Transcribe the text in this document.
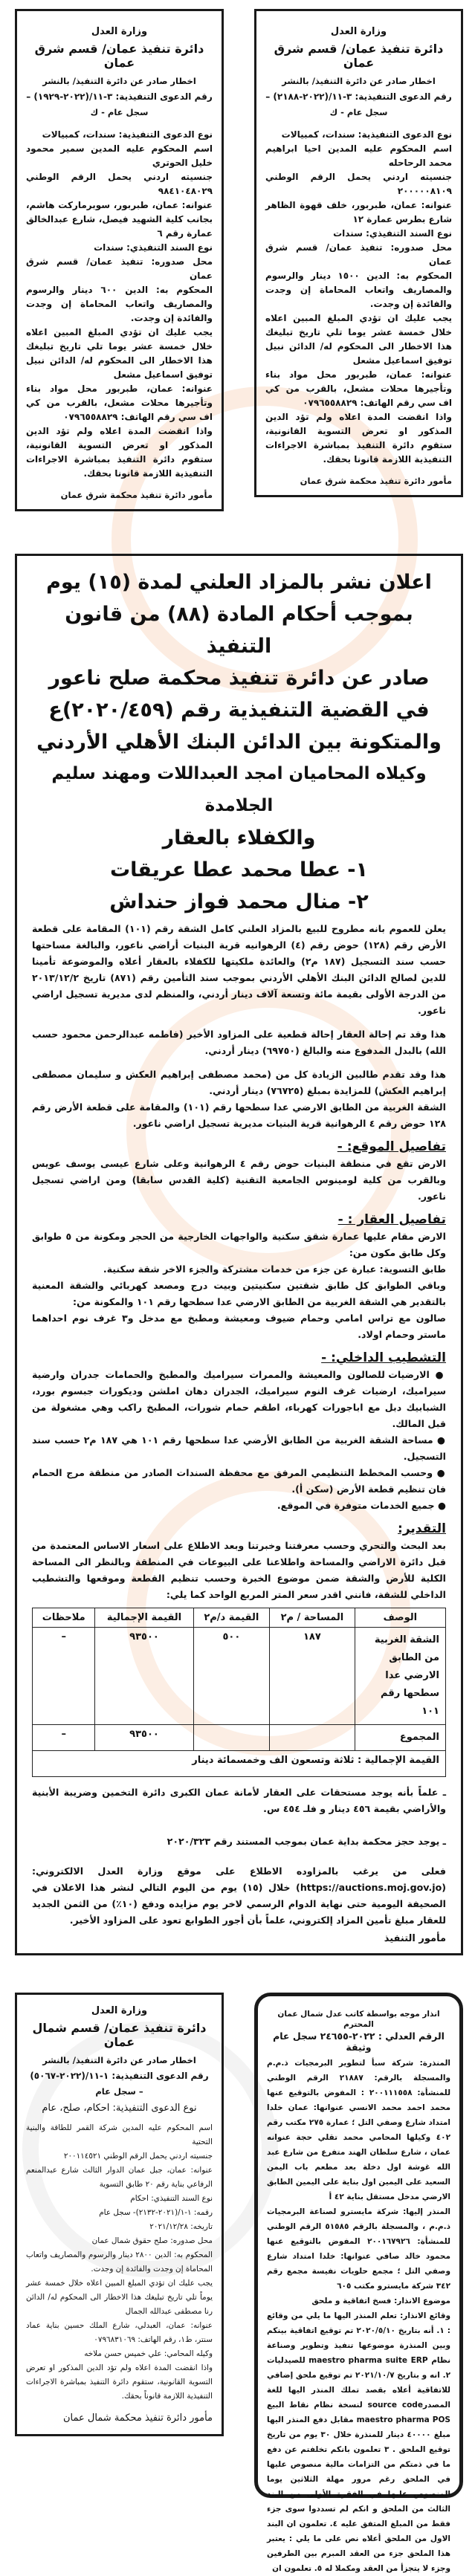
وزارة العدل
دائرة تنفيذ عمان/ قسم شرق عمان
اخطار صادر عن دائرة التنفيذ/ بالنشر
رقم الدعوى التنفيذية: ٣-١١/(٢٠٢٢-٢١٨٨) –
سجل عام - ك

نوع الدعوى التنفيذية: سندات، كمبيالات

اسم المحكوم عليه المدين احيا ابراهيم محمد الرحاحله

جنسيته اردني يحمل الرقم الوطني ٢٠٠٠٠٠٨١٠٩

عنوانه: عمان، طبربور، خلف قهوة الظاهر شارع بطرس عمارة ١٢

نوع السند التنفيذي: سندات

محل صدوره: تنفيذ عمان/ قسم شرق عمان

المحكوم به: الدين ١٥٠٠ دينار والرسوم والمصاريف واتعاب المحاماة إن وجدت والفائدة إن وجدت.

يجب عليك ان تؤدي المبلغ المبين اعلاه خلال خمسة عشر يوما تلي تاريخ تبليغك هذا الاخطار الى المحكوم له/ الدائن نبيل توفيق اسماعيل مشعل

عنوانه: عمان، طبربور محل مواد بناء وتأجيرها محلات مشعل، بالقرب من كي اف سي رقم الهاتف: ٠٧٩٦٥٥٨٨٢٩

واذا انقضت المدة اعلاه ولم تؤد الدين المذكور او تعرض التسوية القانونية، ستقوم دائرة التنفيذ بمباشرة الاجراءات التنفيذية اللازمة قانونا بحقك.

مأمور دائرة تنفيذ محكمة شرق عمان
وزارة العدل
دائرة تنفيذ عمان/ قسم شرق عمان
اخطار صادر عن دائرة التنفيذ/ بالنشر
رقم الدعوى التنفيذية: ٣-١١/(٢٠٢٢-١٩٢٩) –
سجل عام - ك

نوع الدعوى التنفيذية: سندات، كمبيالات

اسم المحكوم عليه المدين سمير محمود خليل الحوتري

جنسيته اردني يحمل الرقم الوطني ٩٨٤١٠٤٨٠٢٩

عنوانه: عمان، طبربور، سوبرماركت هاشم، بجانب كلية الشهيد فيصل، شارع عبدالخالق عمارة رقم ٦

نوع السند التنفيذي: سندات

محل صدوره: تنفيذ عمان/ قسم شرق عمان

المحكوم به: الدين ٦٠٠ دينار والرسوم والمصاريف واتعاب المحاماة إن وجدت والفائدة إن وجدت.

يجب عليك ان تؤدي المبلغ المبين اعلاه خلال خمسة عشر يوما تلي تاريخ تبليغك هذا الاخطار الى المحكوم له/ الدائن نبيل توفيق اسماعيل مشعل

عنوانه: عمان، طبربور محل مواد بناء وتأجيرها محلات مشعل، بالقرب من كي اف سي رقم الهاتف: ٠٧٩٦٥٥٨٨٢٩

واذا انقضت المدة اعلاه ولم تؤد الدين المذكور او تعرض التسوية القانونية، ستقوم دائرة التنفيذ بمباشرة الاجراءات التنفيذية اللازمة قانونا بحقك.

مأمور دائرة تنفيذ محكمة شرق عمان

اعلان نشر بالمزاد العلني لمدة (١٥) يوم

بموجب أحكام المادة (٨٨) من قانون التنفيذ

صادر عن دائرة تنفيذ محكمة صلح ناعور

في القضية التنفيذية رقم (٢٠٢٠/٤٥٩)ع

والمتكونة بين الدائن البنك الأهلي الأردني

وكيلاه المحاميان امجد العبداللات ومهند سليم الجلامدة

والكفلاء بالعقار

١- عطا محمد عطا عريقات

٢- منال محمد فواز حنداش

يعلن للعموم بانه مطروح للبيع بالمزاد العلني كامل الشقة رقم (١٠١) المقامة على قطعة الأرض رقم (١٢٨) حوض رقم (٤) الرهوانيه قرية البنيات أراضي ناعور، والبالغة مساحتها حسب سند التسجيل (١٨٧ م٢) والعائدة ملكيتها للكفلاء بالعقار أعلاه والموضوعة تأمينا للدين لصالح الدائن البنك الأهلي الأردني بموجب سند التأمين رقم (٨٧١) تاريخ ٢٠١٣/١٢/٢ من الدرجة الأولى بقيمة مائة وتسعة آلاف دينار أردني، والمنظم لدى مديرية تسجيل اراضي ناعور.

هذا وقد تم إحالة العقار إحالة قطعية على المزاود الأخير (فاطمه عبدالرحمن محمود حسب الله) بالبدل المدفوع منه والبالغ (٦٩٧٥٠) دينار أردني.

هذا وقد تقدم طالبين الزيادة كل من (محمد مصطفى إبراهيم العكش و سليمان مصطفى إبراهيم العكش) للمزايدة بمبلغ (٧٦٧٢٥) دينار أردني.

الشقة الغربية من الطابق الارضي عدا سطحها رقم (١٠١) والمقامة على قطعة الأرض رقم ١٢٨ حوض رقم ٤ الرهوانية قرية البنيات مديرية تسجيل اراضي ناعور.

تفاصيل الموقع: -

الارض تقع في منطقة البنيات حوض رقم ٤ الرهوانية وعلى شارع عيسى يوسف عويس وبالقرب من كلية لومينوس الجامعية التقنية (كلية القدس سابقا) ومن اراضي تسجيل ناعور.

تفاصيل العقار : -

الارض مقام عليها عمارة شقق سكنية والواجهات الخارجية من الحجر ومكونة من ٥ طوابق وكل طابق مكون من:

طابق التسوية: عبارة عن جزء من خدمات مشتركة والجزء الاخر شقة سكنية.

وباقي الطوابق كل طابق شقتين سكنيتين وبيت درج ومصعد كهربائي والشقة المعنية بالتقدير هي الشقة الغربية من الطابق الارضي عدا سطحها رقم ١٠١ والمكونة من:

صالون مع تراس امامي وحمام ضيوف ومعيشة ومطبخ مع مدخل و٣ غرف نوم احداهما ماستر وحمام اولاد.

التشطيب الداخلي: -

● الارضيات للصالون والمعيشة والممرات سيراميك والمطبخ والحمامات جدران وارضية سيراميك، ارضيات غرف النوم سيراميك، الجدران دهان املشن وديكورات جبسوم بورد، الشبابيك دبل مع اباجورات كهرباء، اطقم حمام شورات، المطبخ راكب وهي مشغولة من قبل المالك.

● مساحة الشقة الغربية من الطابق الأرضي عدا سطحها رقم ١٠١ هي ١٨٧ م٢ حسب سند التسجيل.

● وحسب المخطط التنظيمي المرفق مع محفظة السندات الصادر من منطقة مرج الحمام فان تنظيم قطعة الأرض (سكن أ).

● جميع الخدمات متوفرة في الموقع.

التقدير:

بعد البحث والتحري وحسب معرفتنا وخبرتنا وبعد الاطلاع على اسعار الاساس المعتمدة من قبل دائرة الاراضي والمساحة واطلاعنا على البيوعات في المنطقة وبالنظر الى المساحة الكلية للأرض والشقة ضمن موضوع الخبرة وحسب تنظيم القطعة وموقعها والتشطيب الداخلي للشقة، فانني اقدر سعر المتر المربع الواحد كما يلي:

الوصف	المساحة / م٢	القيمة د/م٢	القيمة الإجمالية	ملاحظات
الشقة الغربية من الطابق الارضي عدا سطحها رقم ١٠١	١٨٧	٥٠٠	٩٣٥٠٠	–
المجموع			٩٣٥٠٠	–
القيمة الإجمالية : ثلاثة وتسعون الف وخمسمائة دينار				

ـ علماً بأنه يوجد مستحقات على العقار لأمانة عمان الكبرى دائرة التخمين وضريبة الأبنية والأراضي بقيمة ٤٥٦ دينار و فلـ ٤٥٤ س.

ـ يوجد حجز محكمة بداية عمان بموجب المستند رقم ٢٠٢٠/٣٢٣

فعلى من يرغب بالمزاوده الاطلاع على موقع وزارة العدل الالكتروني: (https://auctions.moj.gov.jo) خلال (١٥) يوم من اليوم التالي لنشر هذا الاعلان في الصحيفة اليومية حتى نهاية الدوام الرسمي لاخر يوم مزايده ودفع (١٠٪) من الثمن الجديد للعقار مبلغ تأمين المزاد إلكتروني، علماً بأن أجور الطوابع تعود على المزاود الأخير.

مأمور التنفيذ
انذار موجه بواسطة كاتب عدل شمال عمان
المحترم
الرقم العدلي : ٢٠٢٢-٢٤٦٥٥ سجل عام وثيقة

المنذرة: شركة سبأ لتطوير البرمجيات ذ.م.م والمسجلة بالرقم: ٢١٨٨٧ الرقم الوطني للمنشأة: ٢٠٠١١١٥٥٨ : المفوض بالتوقيع عنها محمد احمد محمد الانسي عنوانها: عمان خلدا امتداد شارع وصفي التل ؛ عمارة ٢٧٥ مكتب رقم ٤٠٢ وكيلها المحامي محمد تقلي حجة عنوانه عمان ، شارع سلطان الهند متفرع من شارع عبد الله غوشة اول دخلة بعد مطعم باب اليمن السعيد على اليمين اول بناية على اليمين الطابق الارضي مدخل مستقل بناية ٤٢ أ

المنذر إليها: شركة مايسترو لصناعة البرمجيات ذ.م.م ، والمسجلة بالرقم ٥١٥٨٥ الرقم الوطني للمنشأة: ٢٠٠١٦٧٩٢٦ المفوض بالتوقيع عنها محمود خالد صافي عنوانها: خلدا امتداد شارع وصفي التل ؛ مجمع حلويات نفيسة مجمع رقم ٣٤٢ شركة مايسترو مكتب ٦٠٥

موضوع الانذار: فسخ اتفاقية و ملحق

وقائع الانذار: تعلم المنذر اليها ما يلي من وقائع : ١. أنه بتاريخ ٢٠٢٠/٥/١٠ تم توقيع اتفاقية بينكم وبين المنذرة موضوعها تنفيذ وتطوير وصناعة نظام maestro pharma suite ERP للصيدليات ٢. انه و بتاريخ ٢٠٢١/١٠/٧ تم توقيع ملحق إضافي للاتفاقية أعلاه بقصد تملك المنذر اليها للغة المصدرsource code لنسخة نظام نقاط البيع maestro pharma POS مقابل دفع المنذر اليها مبلغ ٤٠٠٠٠ دينار للمنذرة خلال ٣٠ يوم من تاريخ توقيع الملحق . ٣ تعلمون بانكم تخلفتم عن دفع ما في ذمتكم من التزامات مالية منصوص عليها في الملحق رغم مرور مهلة الثلاثين يوما المنصوص عليها في الفقرة الأولى من البند الثالث من الملحق و انكم لم تسددوا سوى جزء فقط من المبلغ المتفق عليه ٤. تعلمون ان البند الاول من الملحق أعلاه نص على ما يلي : يعتبر هذا الملحق جزء من العقد المبرم بين الطرفين وجزء لا يتجزأ من العقد ومكملا له ٥. تعلمون ان

وزارة العدل
دائرة تنفيذ عمان/ قسم شمال عمان
اخطار صادر عن دائرة التنفيذ/ بالنشر
رقم الدعوى التنفيذية: ١-١١/(٢٠٢٢-٥٠٦٧)
– سجل عام
نوع الدعوى التنفيذية: احكام، صلح، عام

اسم المحكوم عليه المدين شركة القمر للطاقة والبنية التحتية

جنسيته اردني يحمل الرقم الوطني ٢٠٠١١٤٥٢١

عنوانه: عمان، جبل عمان الدوار الثالث شارع عبدالمنعم الرفاعي بناية رقم ٢٠ طابق التسوية

نوع السند التنفيذي: احكام

رقمه: ١-١/(٢٠٢١-٢١٣٢)- سجل عام

تاريخه: ٢٠٢١/١٢/٢٨

محل صدوره: صلح حقوق شمال عمان

المحكوم به: الدين ٢٨٠٠ دينار والرسوم والمصاريف واتعاب المحاماة إن وجدت والفائدة إن وجدت.

يجب عليك ان تؤدي المبلغ المبين اعلاه خلال خمسة عشر يوماً تلي تاريخ تبليغك هذا الاخطار الى المحكوم له/ الدائن رنا مصطفى عبدالله الجمال

عنوانه: عمان، العبدلي، شارع الملك حسين بناية عماد سنتر، ط١، رقم الهاتف: ٠٧٩٦٨٣١٠٦٩

وكيله المحامي: علي خميس حسن ملاخه

واذا انقضت المدة اعلاه ولم تؤد الدين المذكور او تعرض التسوية القانونية، ستقوم دائرة التنفيذ بمباشرة الاجراءات التنفيذية اللازمة قانوناً بحقك.

مأمور دائرة تنفيذ محكمة شمال عمان
